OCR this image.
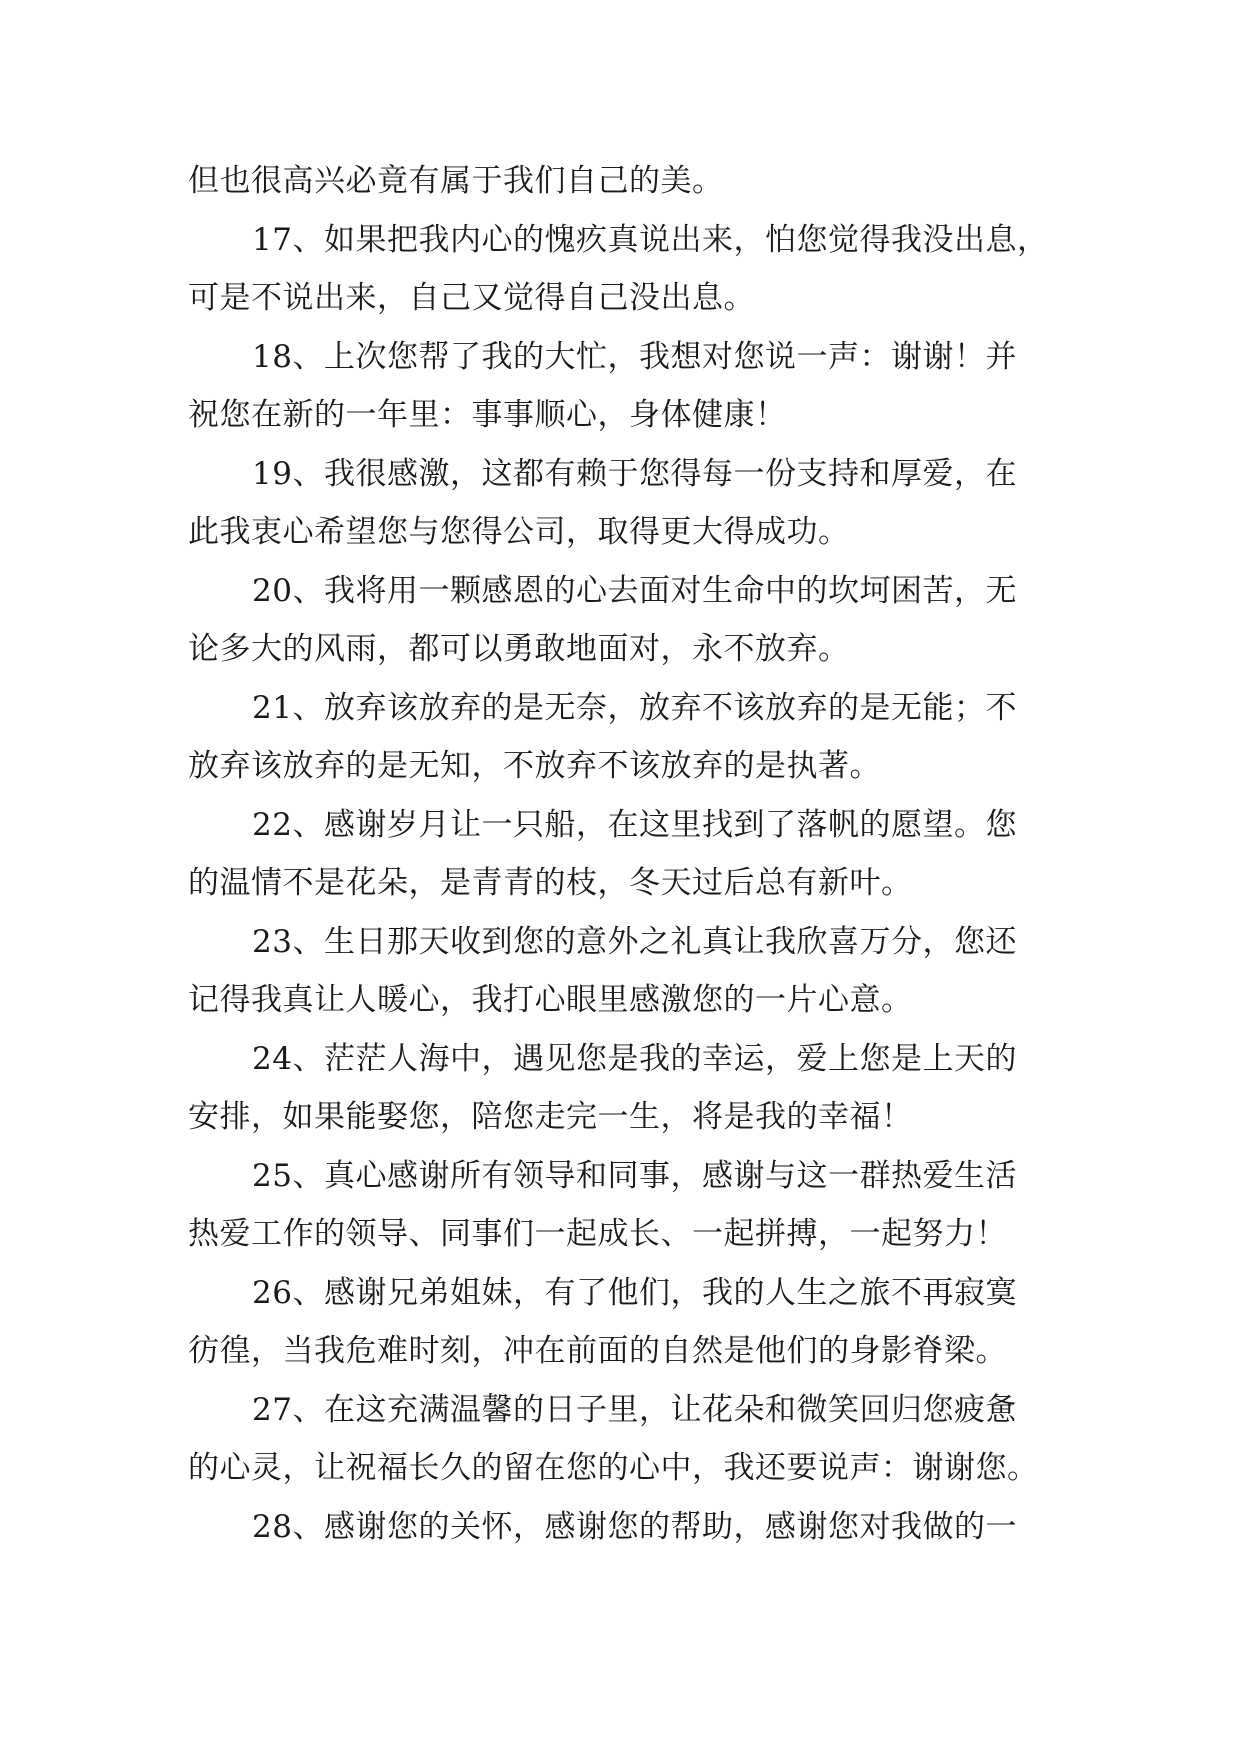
但也很高兴必竟有属于我们自己的美。
17、如果把我内心的愧疚真说出来，怕您觉得我没出息，
可是不说出来，自己又觉得自己没出息。
18、上次您帮了我的大忙，我想对您说一声：谢谢！并
祝您在新的一年里：事事顺心，身体健康！
19、我很感激，这都有赖于您得每一份支持和厚爱，在
此我衷心希望您与您得公司，取得更大得成功。
20、我将用一颗感恩的心去面对生命中的坎坷困苦，无
论多大的风雨，都可以勇敢地面对，永不放弃。
21、放弃该放弃的是无奈，放弃不该放弃的是无能；不
放弃该放弃的是无知，不放弃不该放弃的是执著。
22、感谢岁月让一只船，在这里找到了落帆的愿望。您
的温情不是花朵，是青青的枝，冬天过后总有新叶。
23、生日那天收到您的意外之礼真让我欣喜万分，您还
记得我真让人暖心，我打心眼里感激您的一片心意。
24、茫茫人海中，遇见您是我的幸运，爱上您是上天的
安排，如果能娶您，陪您走完一生，将是我的幸福！
25、真心感谢所有领导和同事，感谢与这一群热爱生活
热爱工作的领导、同事们一起成长、一起拼搏，一起努力！
26、感谢兄弟姐妹，有了他们，我的人生之旅不再寂寞
彷徨，当我危难时刻，冲在前面的自然是他们的身影脊梁。
27、在这充满温馨的日子里，让花朵和微笑回归您疲惫
的心灵，让祝福长久的留在您的心中，我还要说声：谢谢您。
28、感谢您的关怀，感谢您的帮助，感谢您对我做的一
